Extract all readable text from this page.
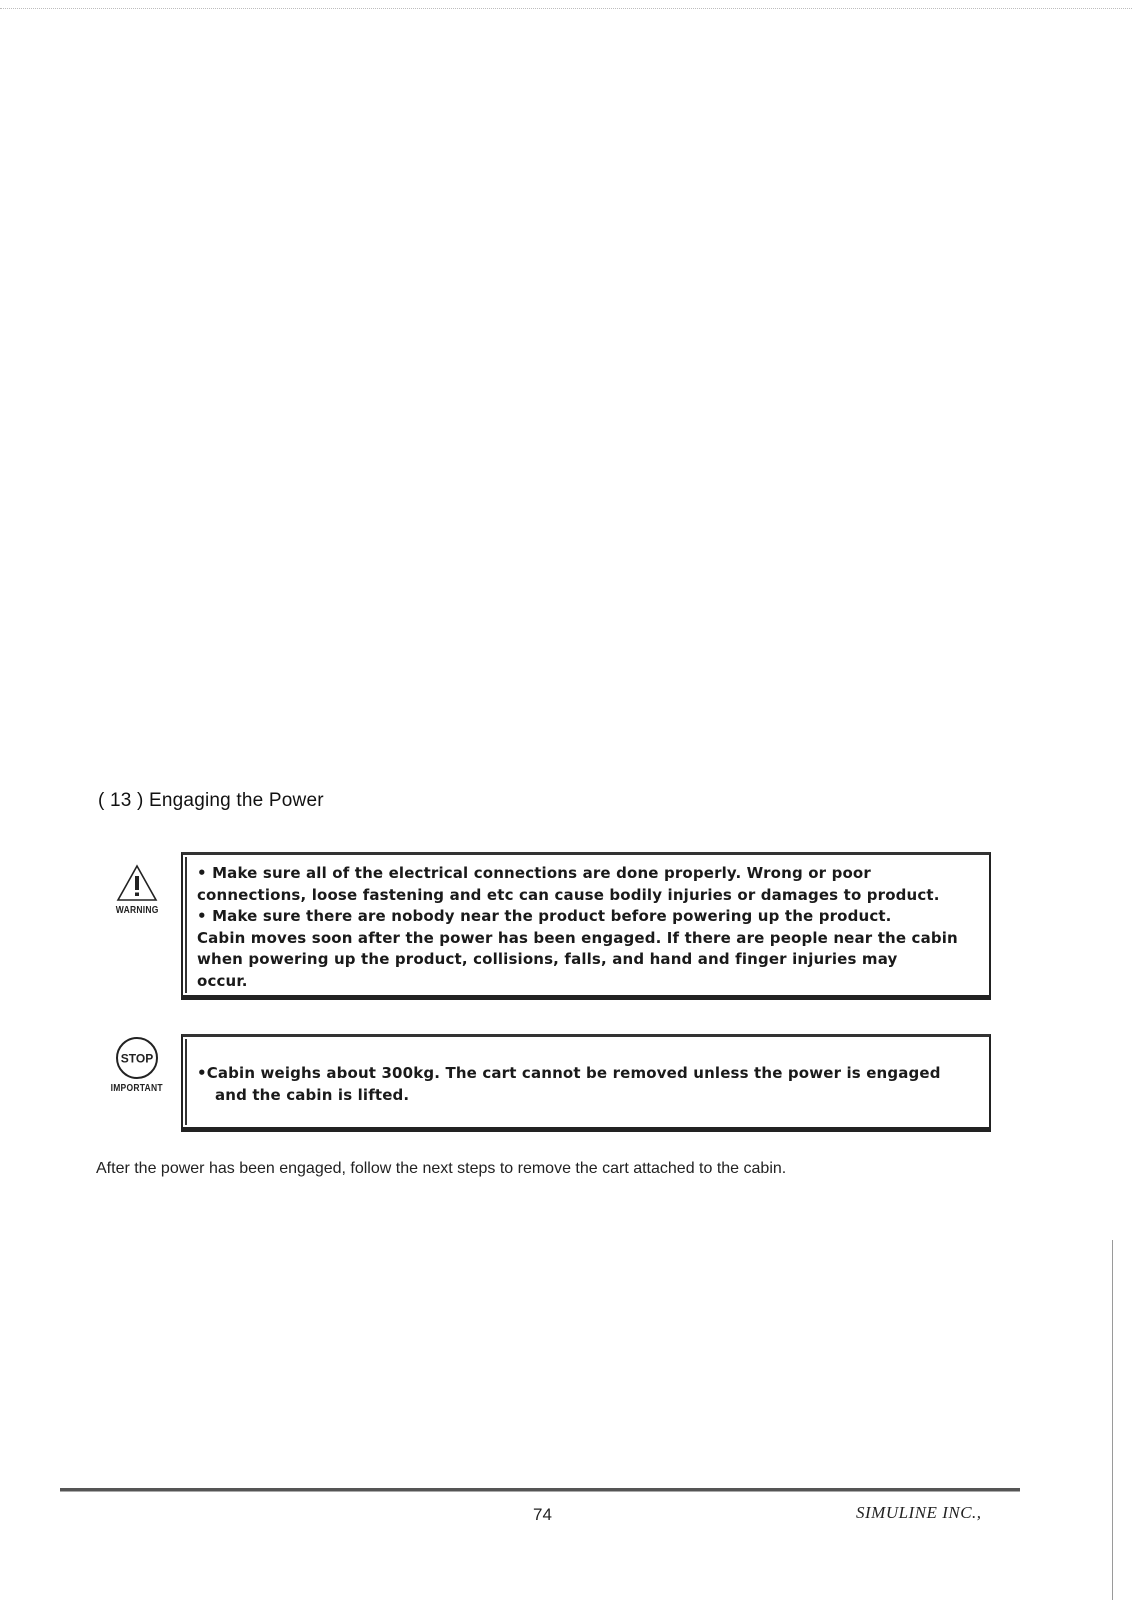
( 13 ) Engaging the Power
WARNING
• Make sure all of the electrical connections are done properly. Wrong or poor
connections, loose fastening and etc can cause bodily injuries or damages to product.
• Make sure there are nobody near the product before powering up the product.
Cabin moves soon after the power has been engaged. If there are people near the cabin
when powering up the product, collisions, falls, and hand and finger injuries may
occur.
STOP
IMPORTANT
•Cabin weighs about 300kg. The cart cannot be removed unless the power is engaged
and the cabin is lifted.
After the power has been engaged, follow the next steps to remove the cart attached to the cabin.
74	SIMULINE INC.,
